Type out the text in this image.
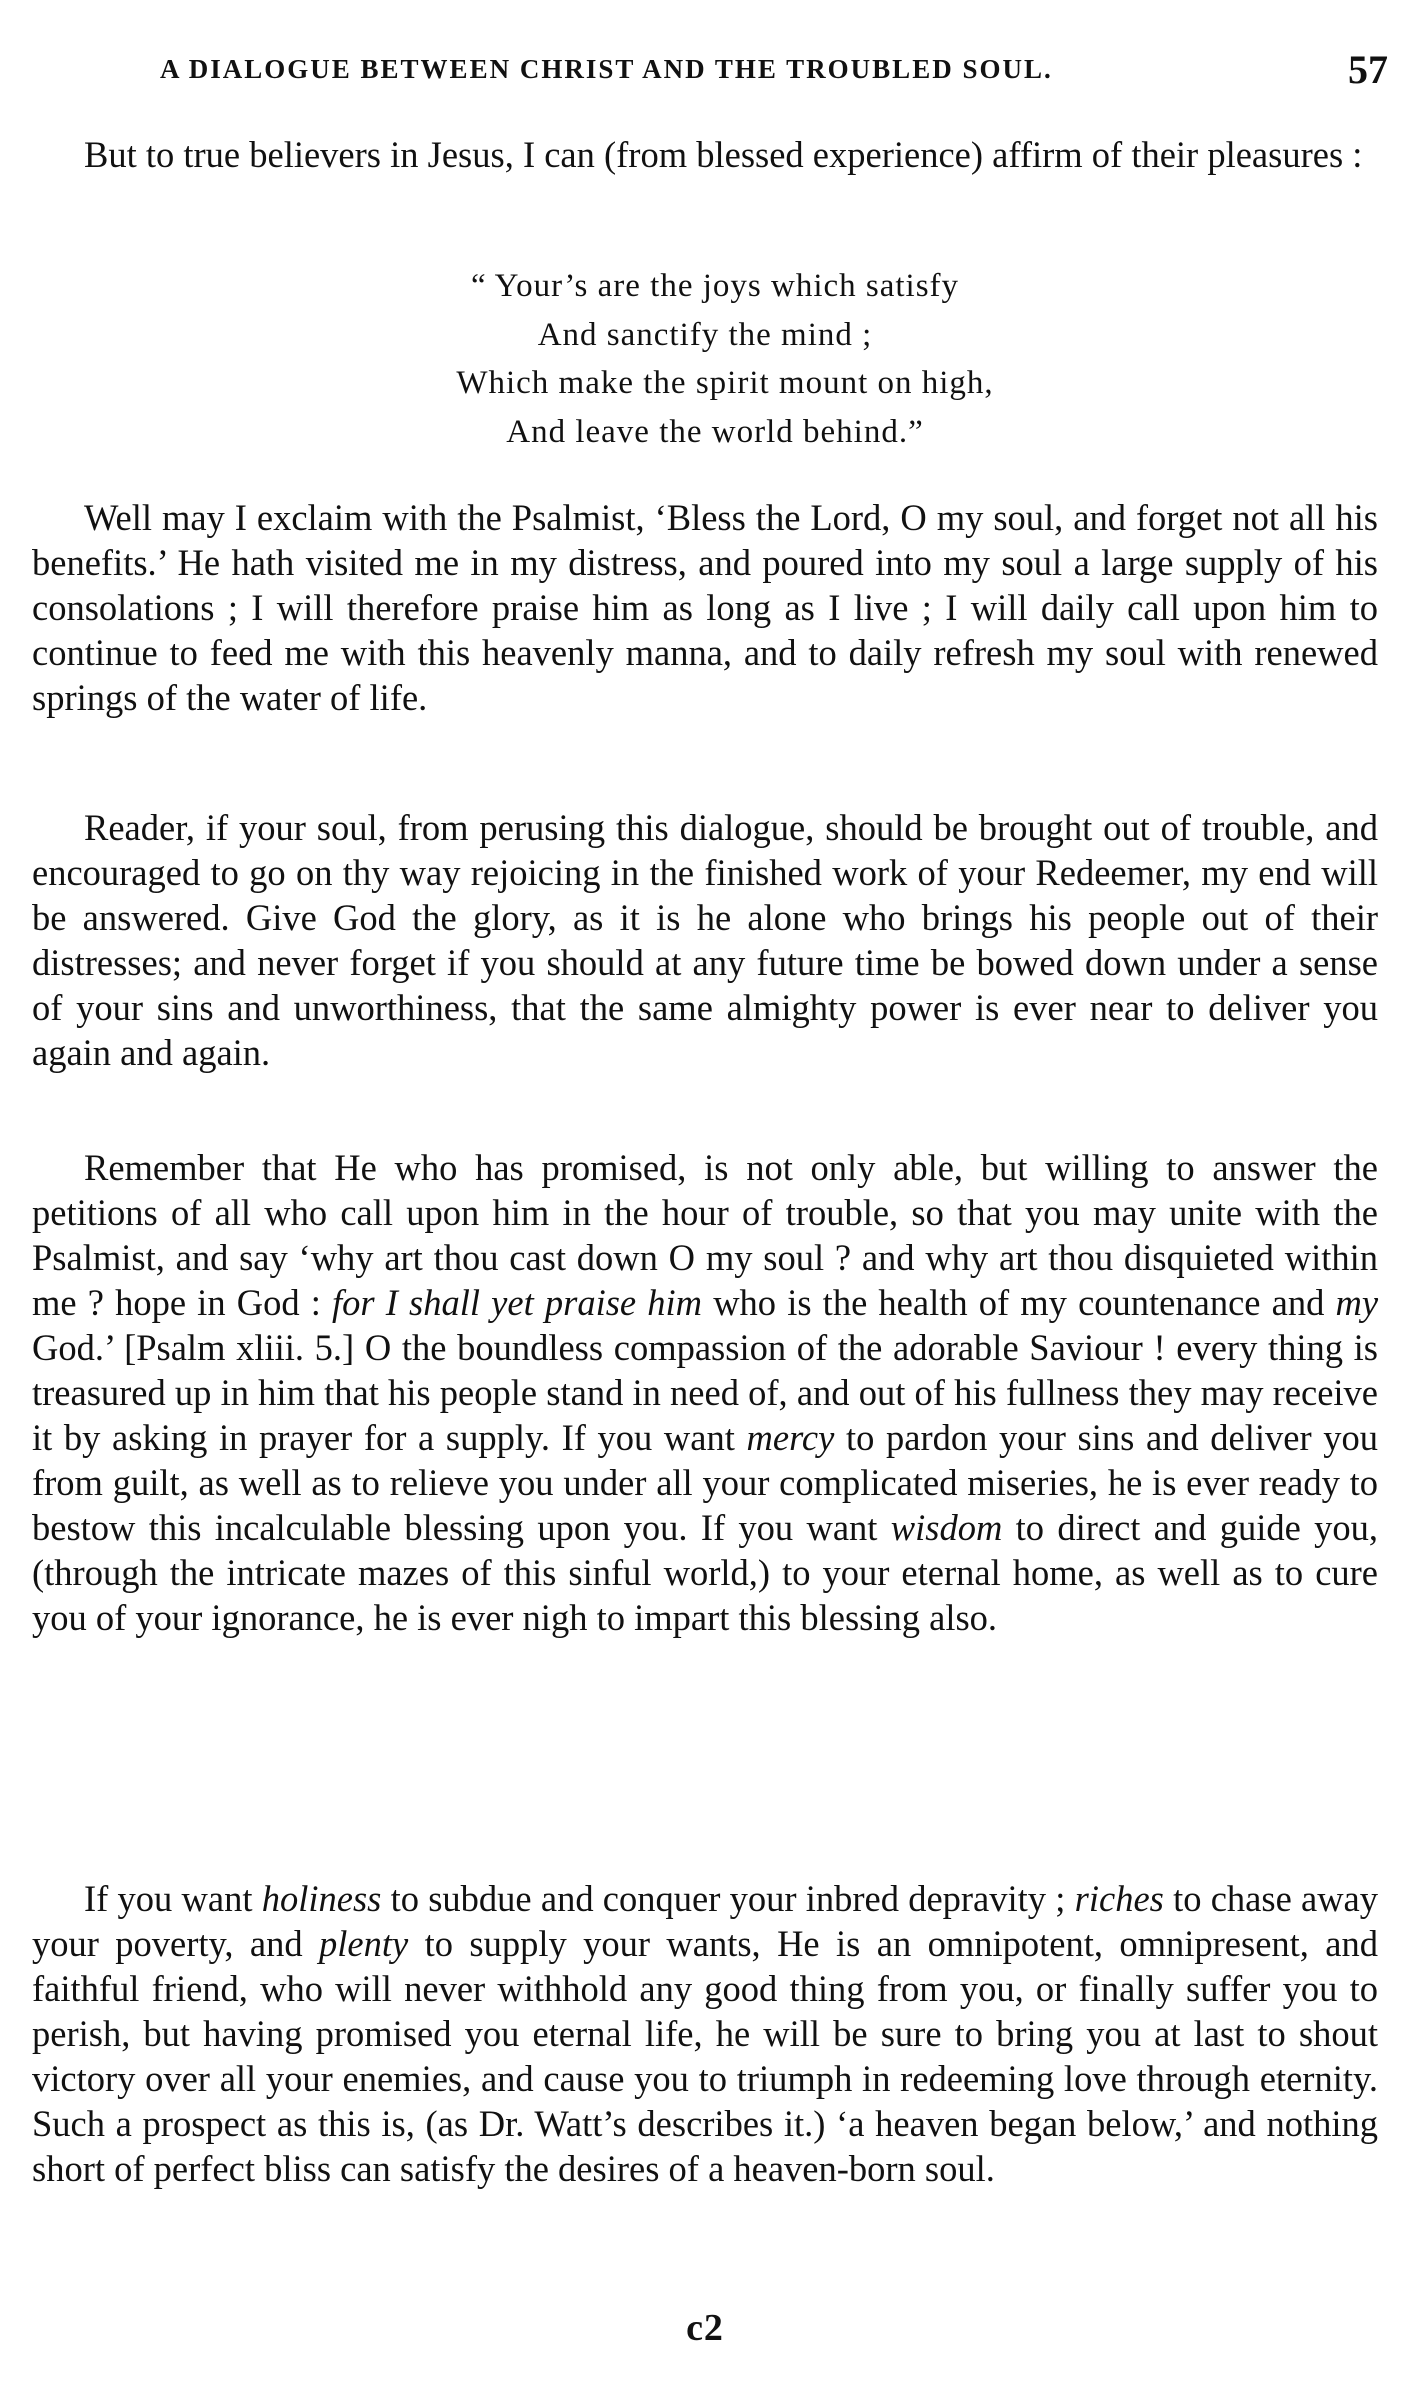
A DIALOGUE BETWEEN CHRIST AND THE TROUBLED SOUL.	57

But to true believers in Jesus, I can (from blessed experience) affirm of their pleasures :

“ Your’s are the joys which satisfy
And sanctify the mind ;
Which make the spirit mount on high,
And leave the world behind.”

Well may I exclaim with the Psalmist, ‘Bless the Lord, O my soul, and forget not all his benefits.’ He hath visited me in my distress, and poured into my soul a large supply of his consolations ; I will therefore praise him as long as I live ; I will daily call upon him to continue to feed me with this heavenly manna, and to daily refresh my soul with renewed springs of the water of life.

Reader, if your soul, from perusing this dialogue, should be brought out of trouble, and encouraged to go on thy way rejoicing in the finished work of your Redeemer, my end will be answered. Give God the glory, as it is he alone who brings his people out of their distresses; and never forget if you should at any future time be bowed down under a sense of your sins and unworthiness, that the same almighty power is ever near to deliver you again and again.

Remember that He who has promised, is not only able, but willing to answer the petitions of all who call upon him in the hour of trouble, so that you may unite with the Psalmist, and say ‘why art thou cast down O my soul ? and why art thou disquieted within me ? hope in God : for I shall yet praise him who is the health of my countenance and my God.’ [Psalm xliii. 5.] O the boundless compassion of the adorable Saviour ! every thing is treasured up in him that his people stand in need of, and out of his fullness they may receive it by asking in prayer for a supply. If you want mercy to pardon your sins and deliver you from guilt, as well as to relieve you under all your complicated miseries, he is ever ready to bestow this incalculable blessing upon you. If you want wisdom to direct and guide you, (through the intricate mazes of this sinful world,) to your eternal home, as well as to cure you of your ignorance, he is ever nigh to impart this blessing also.

If you want holiness to subdue and conquer your inbred depravity ; riches to chase away your poverty, and plenty to supply your wants, He is an omnipotent, omnipresent, and faithful friend, who will never withhold any good thing from you, or finally suffer you to perish, but having promised you eternal life, he will be sure to bring you at last to shout victory over all your enemies, and cause you to triumph in redeeming love through eternity. Such a prospect as this is, (as Dr. Watt’s describes it.) ‘a heaven began below,’ and nothing short of perfect bliss can satisfy the desires of a heaven-born soul.

c2
